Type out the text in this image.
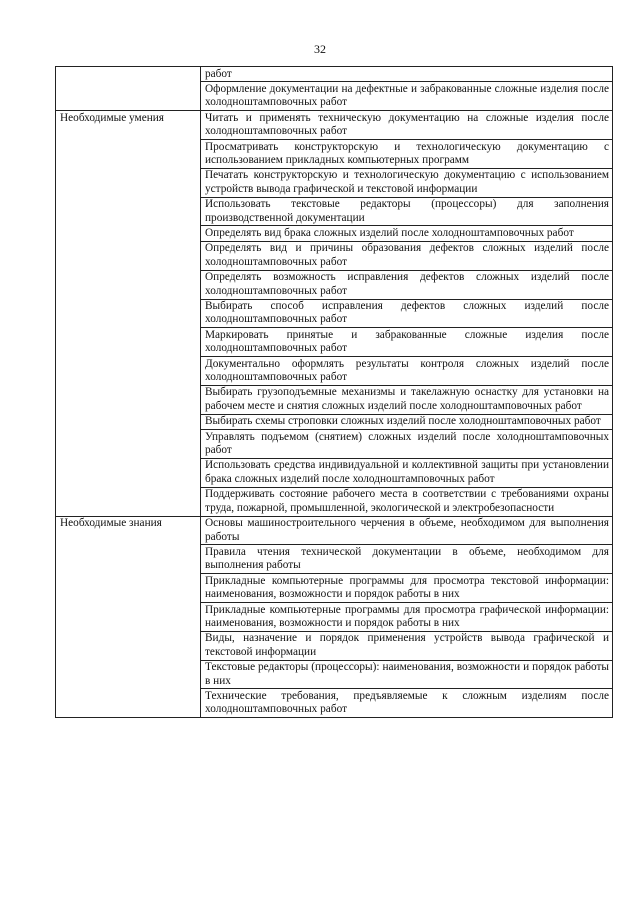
32
	работ
	Оформление документации на дефектные и забракованные сложные изделия после холодноштамповочных работ
Необходимые умения	Читать и применять техническую документацию на сложные изделия после холодноштамповочных работ
	Просматривать конструкторскую и технологическую документацию с использованием прикладных компьютерных программ
	Печатать конструкторскую и технологическую документацию с использованием устройств вывода графической и текстовой информации
	Использовать текстовые редакторы (процессоры) для заполнения производственной документации
	Определять вид брака сложных изделий после холодноштамповочных работ
	Определять вид и причины образования дефектов сложных изделий после холодноштамповочных работ
	Определять возможность исправления дефектов сложных изделий после холодноштамповочных работ
	Выбирать способ исправления дефектов сложных изделий после холодноштамповочных работ
	Маркировать принятые и забракованные сложные изделия после холодноштамповочных работ
	Документально оформлять результаты контроля сложных изделий после холодноштамповочных работ
	Выбирать грузоподъемные механизмы и такелажную оснастку для установки на рабочем месте и снятия сложных изделий после холодноштамповочных работ
	Выбирать схемы строповки сложных изделий после холодноштамповочных работ
	Управлять подъемом (снятием) сложных изделий после холодноштамповочных работ
	Использовать средства индивидуальной и коллективной защиты при установлении брака сложных изделий после холодноштамповочных работ
	Поддерживать состояние рабочего места в соответствии с требованиями охраны труда, пожарной, промышленной, экологической и электробезопасности
Необходимые знания	Основы машиностроительного черчения в объеме, необходимом для выполнения работы
	Правила чтения технической документации в объеме, необходимом для выполнения работы
	Прикладные компьютерные программы для просмотра текстовой информации: наименования, возможности и порядок работы в них
	Прикладные компьютерные программы для просмотра графической информации: наименования, возможности и порядок работы в них
	Виды, назначение и порядок применения устройств вывода графической и текстовой информации
	Текстовые редакторы (процессоры): наименования, возможности и порядок работы в них
	Технические требования, предъявляемые к сложным изделиям после холодноштамповочных работ
